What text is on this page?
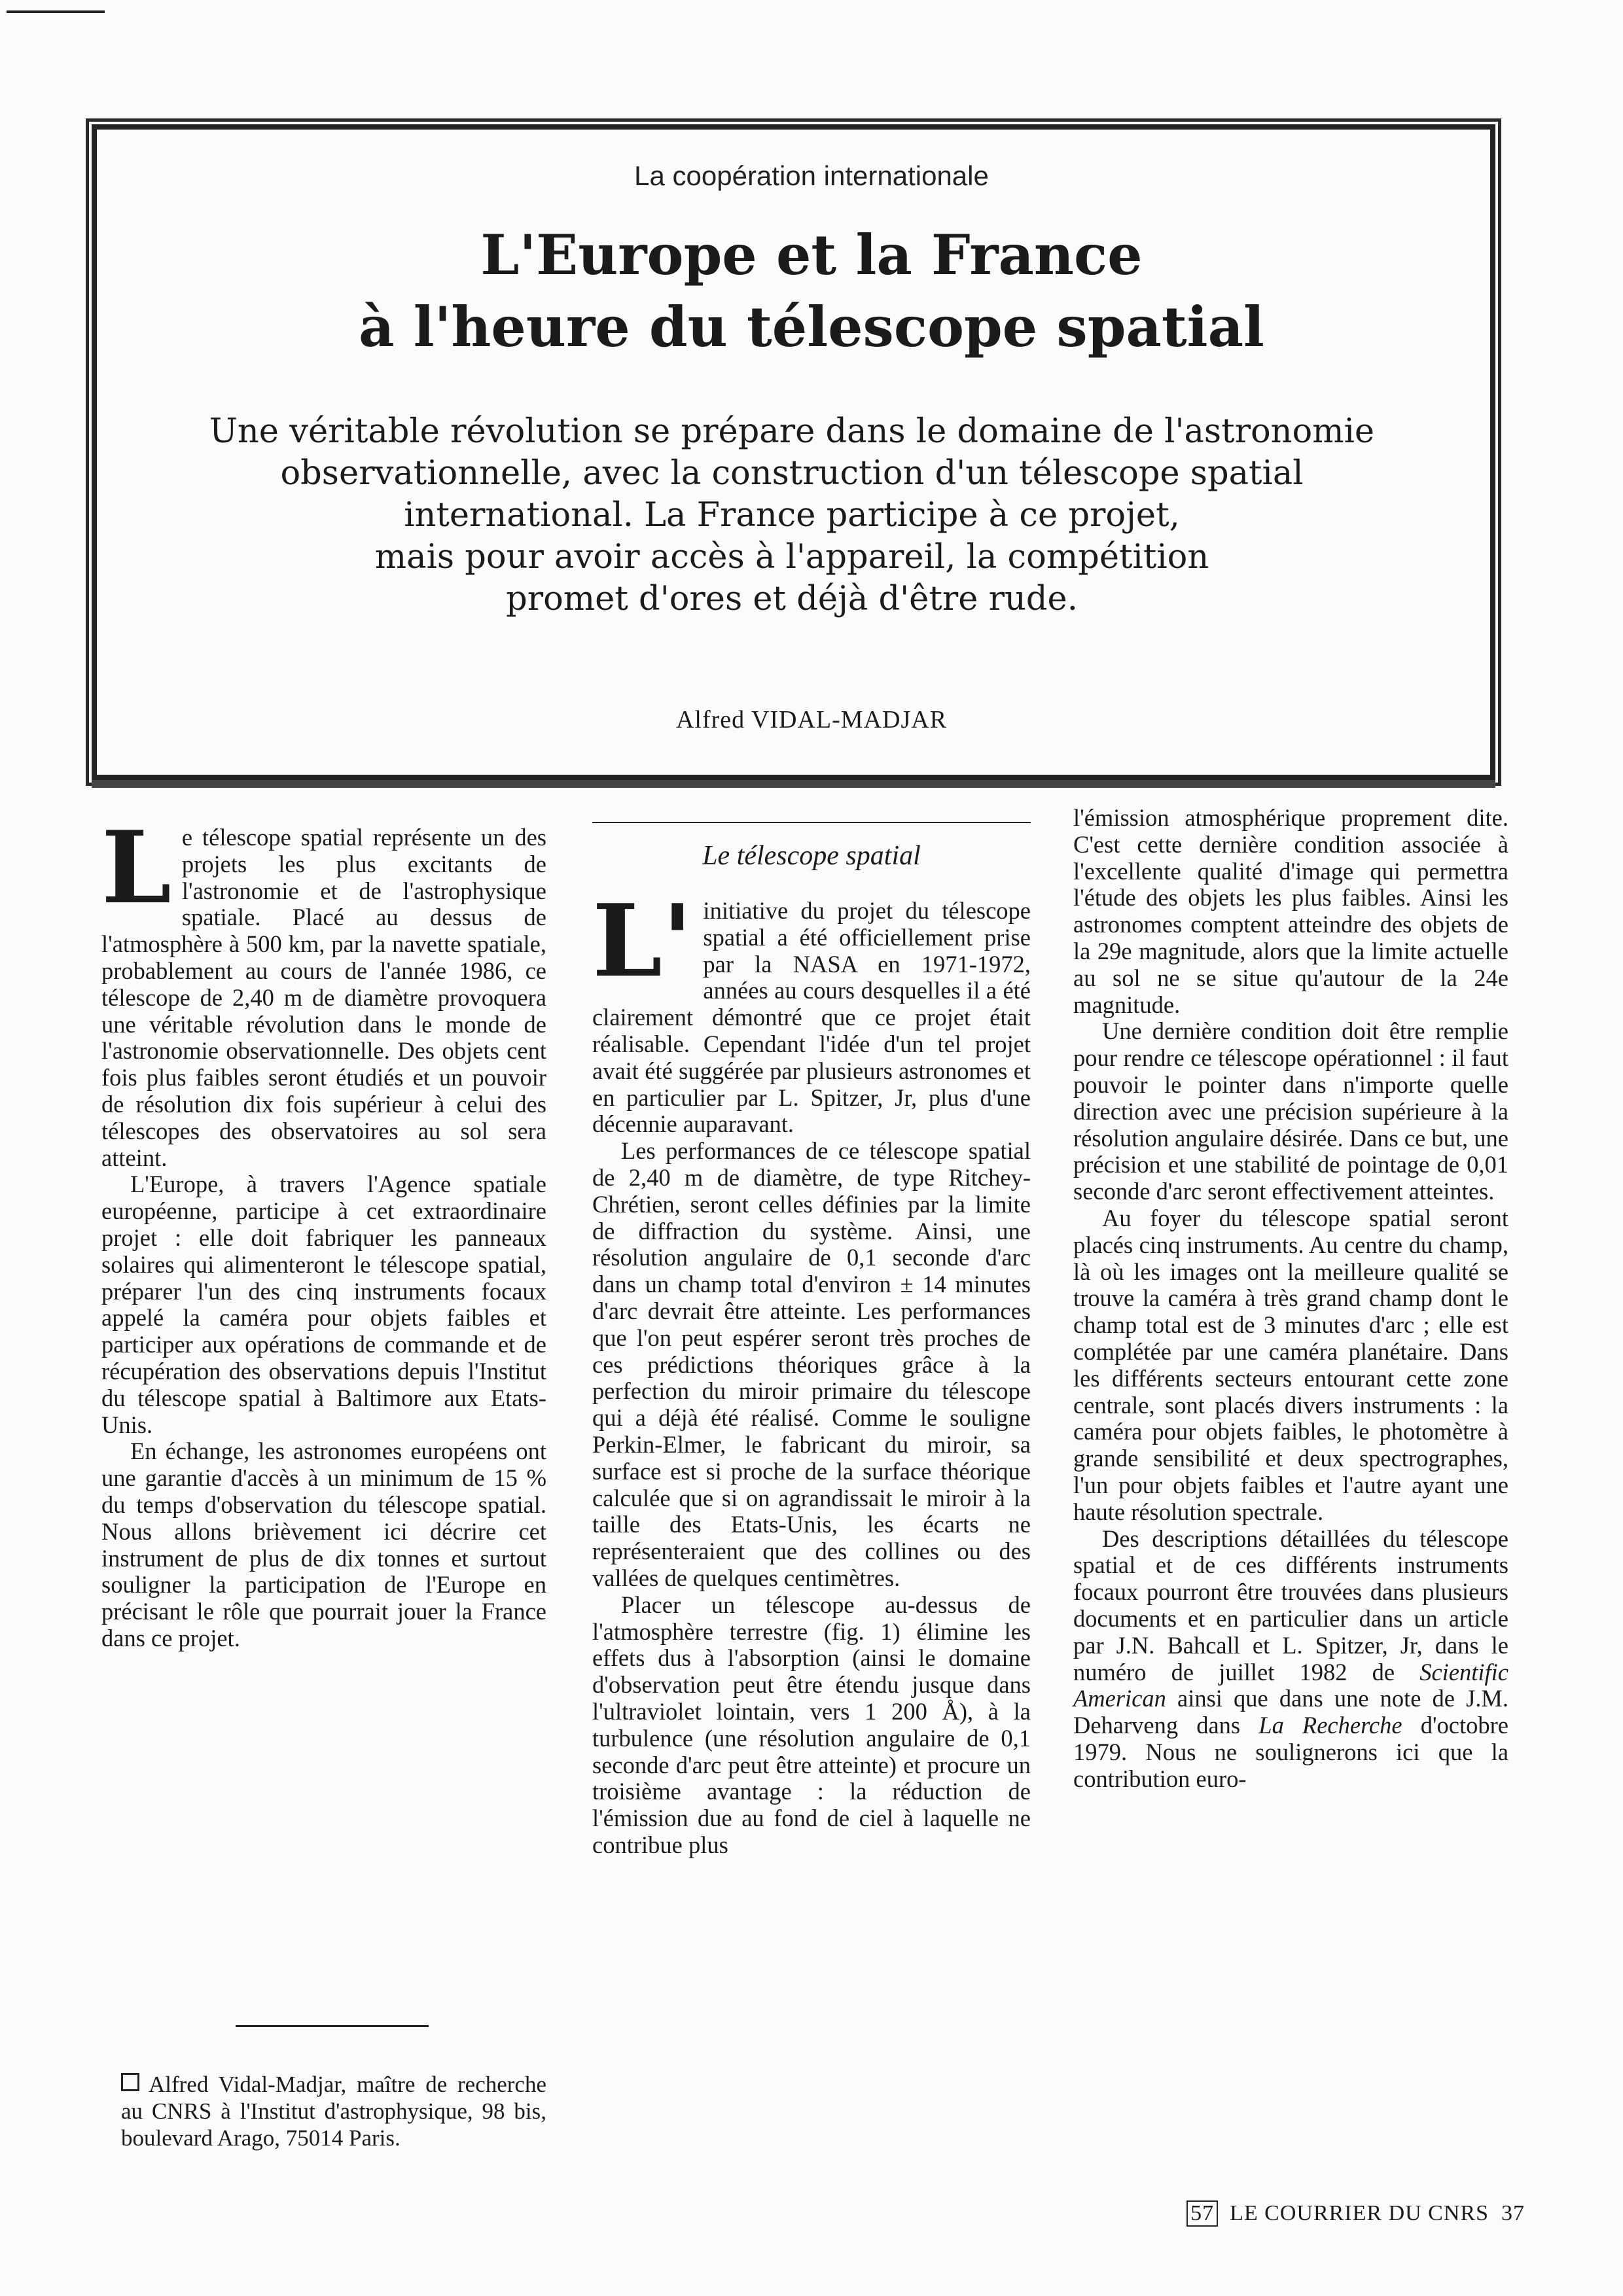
La coopération internationale
L'Europe et la France
à l'heure du télescope spatial

Une véritable révolution se prépare dans le domaine de l'astronomie
observationnelle, avec la construction d'un télescope spatial
international. La France participe à ce projet,
mais pour avoir accès à l'appareil, la compétition
promet d'ores et déjà d'être rude.

Alfred VIDAL-MADJAR

Le télescope spatial représente un des projets les plus excitants de l'astronomie et de l'astrophysique spatiale. Placé au dessus de l'atmosphère à 500 km, par la navette spatiale, probablement au cours de l'année 1986, ce télescope de 2,40 m de diamètre provoquera une véritable révolution dans le monde de l'astronomie observationnelle. Des objets cent fois plus faibles seront étudiés et un pouvoir de résolution dix fois supérieur à celui des télescopes des observatoires au sol sera atteint.

L'Europe, à travers l'Agence spatiale européenne, participe à cet extraordinaire projet : elle doit fabriquer les panneaux solaires qui alimenteront le télescope spatial, préparer l'un des cinq instruments focaux appelé la caméra pour objets faibles et participer aux opérations de commande et de récupération des observations depuis l'Institut du télescope spatial à Baltimore aux Etats-Unis.

En échange, les astronomes européens ont une garantie d'accès à un minimum de 15 % du temps d'observation du télescope spatial. Nous allons brièvement ici décrire cet instrument de plus de dix tonnes et surtout souligner la participation de l'Europe en précisant le rôle que pourrait jouer la France dans ce projet.

Alfred Vidal-Madjar, maître de recherche au CNRS à l'Institut d'astrophysique, 98 bis, boulevard Arago, 75014 Paris.
Le télescope spatial

L' initiative du projet du télescope spatial a été officiellement prise par la NASA en 1971-1972, années au cours desquelles il a été clairement démontré que ce projet était réalisable. Cependant l'idée d'un tel projet avait été suggérée par plusieurs astronomes et en particulier par L. Spitzer, Jr, plus d'une décennie auparavant.

Les performances de ce télescope spatial de 2,40 m de diamètre, de type Ritchey-Chrétien, seront celles définies par la limite de diffraction du système. Ainsi, une résolution angulaire de 0,1 seconde d'arc dans un champ total d'environ ± 14 minutes d'arc devrait être atteinte. Les performances que l'on peut espérer seront très proches de ces prédictions théoriques grâce à la perfection du miroir primaire du télescope qui a déjà été réalisé. Comme le souligne Perkin-Elmer, le fabricant du miroir, sa surface est si proche de la surface théorique calculée que si on agrandissait le miroir à la taille des Etats-Unis, les écarts ne représenteraient que des collines ou des vallées de quelques centimètres.

Placer un télescope au-dessus de l'atmosphère terrestre (fig. 1) élimine les effets dus à l'absorption (ainsi le domaine d'observation peut être étendu jusque dans l'ultraviolet lointain, vers 1 200 Å), à la turbulence (une résolution angulaire de 0,1 seconde d'arc peut être atteinte) et procure un troisième avantage : la réduction de l'émission due au fond de ciel à laquelle ne contribue plus

l'émission atmosphérique proprement dite. C'est cette dernière condition associée à l'excellente qualité d'image qui permettra l'étude des objets les plus faibles. Ainsi les astronomes comptent atteindre des objets de la 29e magnitude, alors que la limite actuelle au sol ne se situe qu'autour de la 24e magnitude.

Une dernière condition doit être remplie pour rendre ce télescope opérationnel : il faut pouvoir le pointer dans n'importe quelle direction avec une précision supérieure à la résolution angulaire désirée. Dans ce but, une précision et une stabilité de pointage de 0,01 seconde d'arc seront effectivement atteintes.

Au foyer du télescope spatial seront placés cinq instruments. Au centre du champ, là où les images ont la meilleure qualité se trouve la caméra à très grand champ dont le champ total est de 3 minutes d'arc ; elle est complétée par une caméra planétaire. Dans les différents secteurs entourant cette zone centrale, sont placés divers instruments : la caméra pour objets faibles, le photomètre à grande sensibilité et deux spectrographes, l'un pour objets faibles et l'autre ayant une haute résolution spectrale.

Des descriptions détaillées du télescope spatial et de ces différents instruments focaux pourront être trouvées dans plusieurs documents et en particulier dans un article par J.N. Bahcall et L. Spitzer, Jr, dans le numéro de juillet 1982 de Scientific American ainsi que dans une note de J.M. Deharveng dans La Recherche d'octobre 1979. Nous ne soulignerons ici que la contribution euro-

57 LE COURRIER DU CNRS 37
